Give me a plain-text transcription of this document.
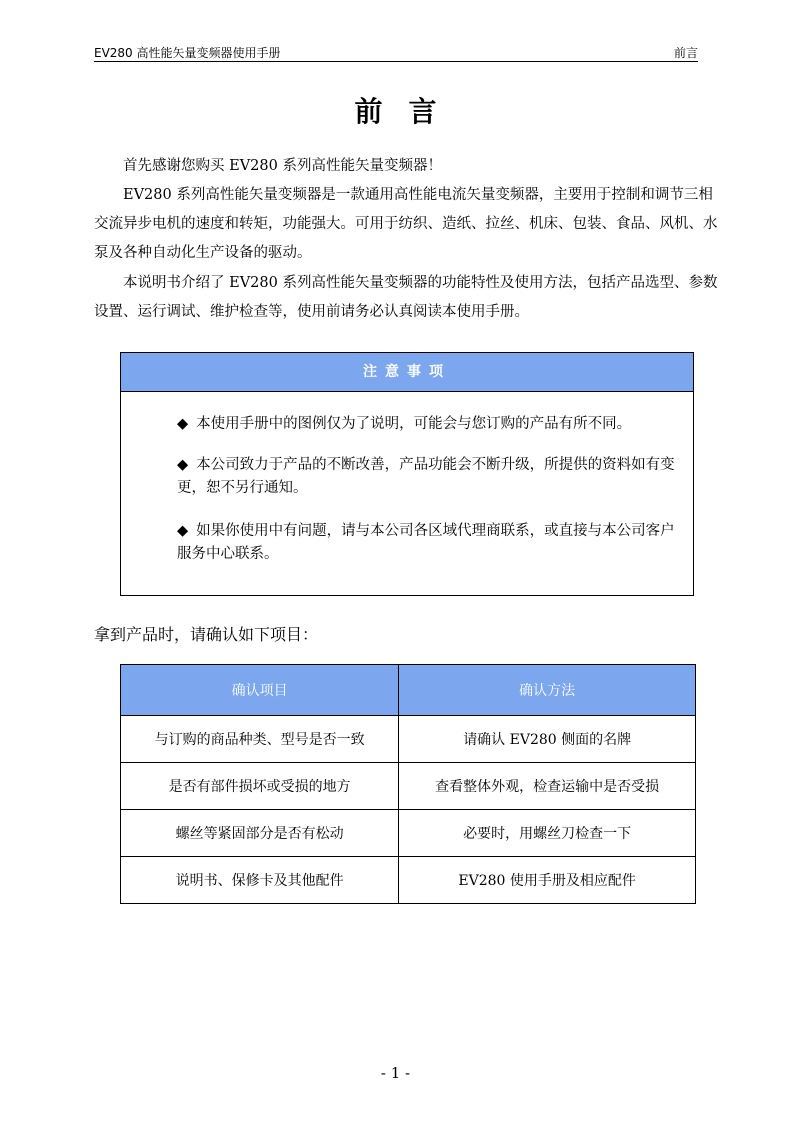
EV280 高性能矢量变频器使用手册	前言
前言
首先感谢您购买 EV280 系列高性能矢量变频器！
EV280 系列高性能矢量变频器是一款通用高性能电流矢量变频器，主要用于控制和调节三相交流异步电机的速度和转矩，功能强大。可用于纺织、造纸、拉丝、机床、包装、食品、风机、水泵及各种自动化生产设备的驱动。
本说明书介绍了 EV280 系列高性能矢量变频器的功能特性及使用方法，包括产品选型、参数设置、运行调试、维护检查等，使用前请务必认真阅读本使用手册。
注意事项
◆ 本使用手册中的图例仅为了说明，可能会与您订购的产品有所不同。
◆ 本公司致力于产品的不断改善，产品功能会不断升级，所提供的资料如有变更，恕不另行通知。
◆ 如果你使用中有问题，请与本公司各区域代理商联系，或直接与本公司客户服务中心联系。
拿到产品时，请确认如下项目：
确认项目	确认方法
与订购的商品种类、型号是否一致	请确认 EV280 侧面的名牌
是否有部件损坏或受损的地方	查看整体外观，检查运输中是否受损
螺丝等紧固部分是否有松动	必要时，用螺丝刀检查一下
说明书、保修卡及其他配件	EV280 使用手册及相应配件
- 1 -
